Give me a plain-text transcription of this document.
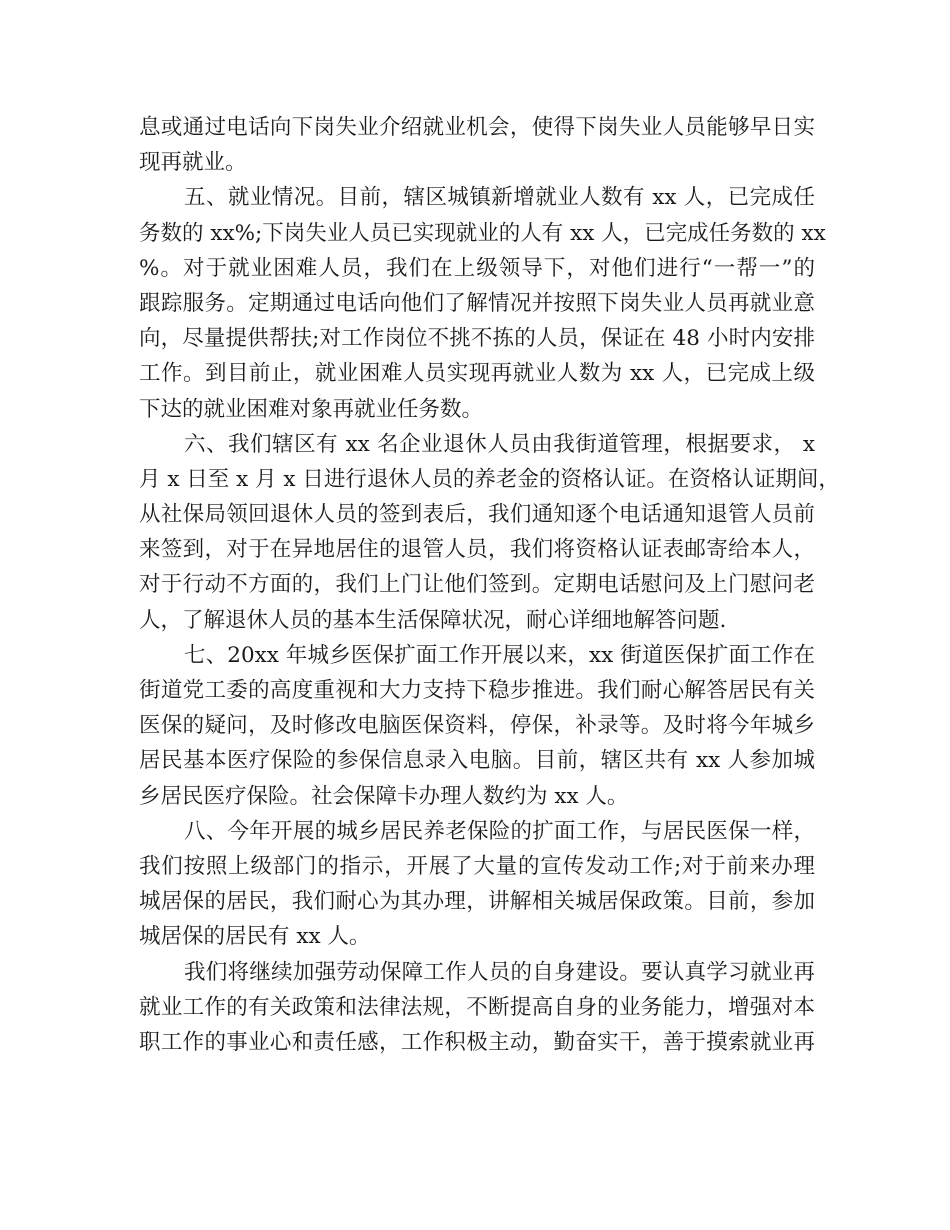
息或通过电话向下岗失业介绍就业机会，使得下岗失业人员能够早日实
现再就业。
五、就业情况。目前，辖区城镇新增就业人数有 xx 人，已完成任
务数的 xx%;下岗失业人员已实现就业的人有 xx 人，已完成任务数的 xx
%。对于就业困难人员，我们在上级领导下，对他们进行“一帮一”的
跟踪服务。定期通过电话向他们了解情况并按照下岗失业人员再就业意
向，尽量提供帮扶;对工作岗位不挑不拣的人员，保证在 48 小时内安排
工作。到目前止，就业困难人员实现再就业人数为 xx 人，已完成上级
下达的就业困难对象再就业任务数。
六、我们辖区有 xx 名企业退休人员由我街道管理，根据要求， x
月 x 日至 x 月 x 日进行退休人员的养老金的资格认证。在资格认证期间，
从社保局领回退休人员的签到表后，我们通知逐个电话通知退管人员前
来签到，对于在异地居住的退管人员，我们将资格认证表邮寄给本人，
对于行动不方面的，我们上门让他们签到。定期电话慰问及上门慰问老
人，了解退休人员的基本生活保障状况，耐心详细地解答问题.
七、20xx 年城乡医保扩面工作开展以来，xx 街道医保扩面工作在
街道党工委的高度重视和大力支持下稳步推进。我们耐心解答居民有关
医保的疑问，及时修改电脑医保资料，停保，补录等。及时将今年城乡
居民基本医疗保险的参保信息录入电脑。目前，辖区共有 xx 人参加城
乡居民医疗保险。社会保障卡办理人数约为 xx 人。
八、今年开展的城乡居民养老保险的扩面工作，与居民医保一样，
我们按照上级部门的指示，开展了大量的宣传发动工作;对于前来办理
城居保的居民，我们耐心为其办理，讲解相关城居保政策。目前，参加
城居保的居民有 xx 人。
我们将继续加强劳动保障工作人员的自身建设。要认真学习就业再
就业工作的有关政策和法律法规，不断提高自身的业务能力，增强对本
职工作的事业心和责任感，工作积极主动，勤奋实干，善于摸索就业再
